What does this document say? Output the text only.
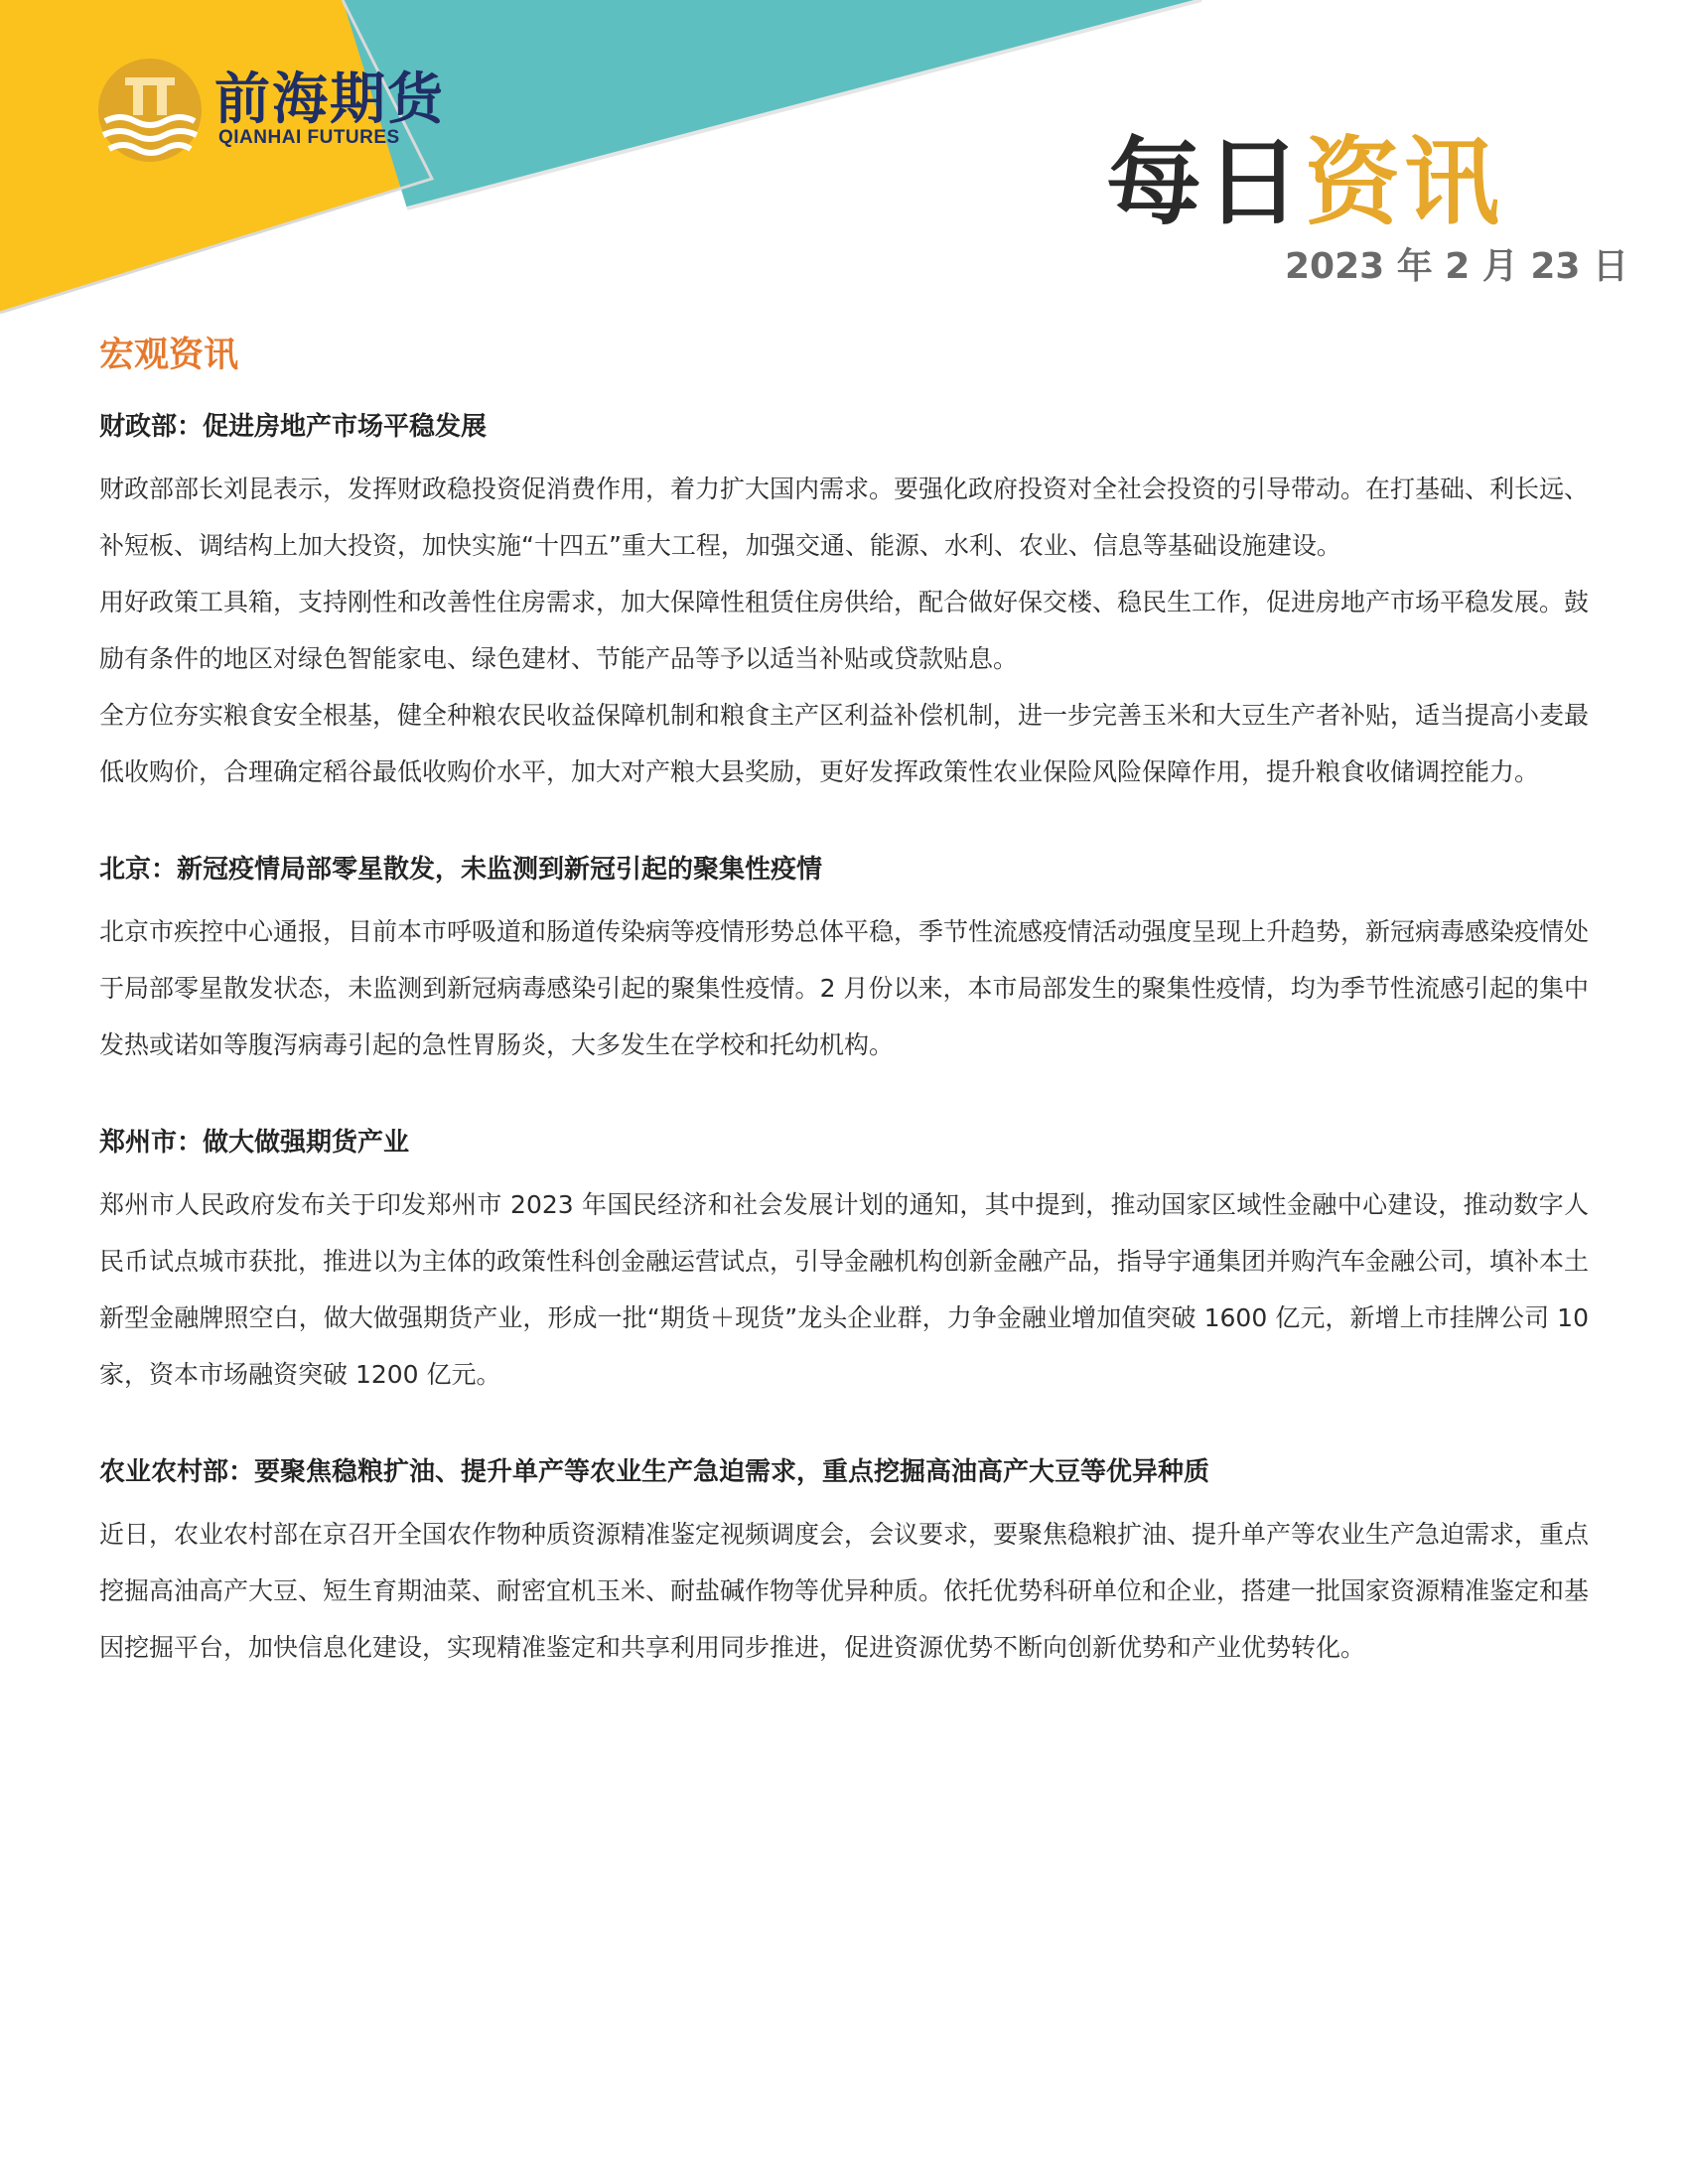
前海期货
QIANHAI FUTURES	每日资讯
2023 年 2 月 23 日
宏观资讯
财政部：促进房地产市场平稳发展

财政部部长刘昆表示，发挥财政稳投资促消费作用，着力扩大国内需求。要强化政府投资对全社会投资的引导带动。在打基础、利长远、补短板、调结构上加大投资，加快实施“十四五”重大工程，加强交通、能源、水利、农业、信息等基础设施建设。

用好政策工具箱，支持刚性和改善性住房需求，加大保障性租赁住房供给，配合做好保交楼、稳民生工作，促进房地产市场平稳发展。鼓励有条件的地区对绿色智能家电、绿色建材、节能产品等予以适当补贴或贷款贴息。

全方位夯实粮食安全根基，健全种粮农民收益保障机制和粮食主产区利益补偿机制，进一步完善玉米和大豆生产者补贴，适当提高小麦最低收购价，合理确定稻谷最低收购价水平，加大对产粮大县奖励，更好发挥政策性农业保险风险保障作用，提升粮食收储调控能力。

北京：新冠疫情局部零星散发，未监测到新冠引起的聚集性疫情

北京市疾控中心通报，目前本市呼吸道和肠道传染病等疫情形势总体平稳，季节性流感疫情活动强度呈现上升趋势，新冠病毒感染疫情处于局部零星散发状态，未监测到新冠病毒感染引起的聚集性疫情。2 月份以来，本市局部发生的聚集性疫情，均为季节性流感引起的集中发热或诺如等腹泻病毒引起的急性胃肠炎，大多发生在学校和托幼机构。

郑州市：做大做强期货产业

郑州市人民政府发布关于印发郑州市 2023 年国民经济和社会发展计划的通知，其中提到，推动国家区域性金融中心建设，推动数字人民币试点城市获批，推进以为主体的政策性科创金融运营试点，引导金融机构创新金融产品，指导宇通集团并购汽车金融公司，填补本土新型金融牌照空白，做大做强期货产业，形成一批“期货＋现货”龙头企业群，力争金融业增加值突破 1600 亿元，新增上市挂牌公司 10 家，资本市场融资突破 1200 亿元。

农业农村部：要聚焦稳粮扩油、提升单产等农业生产急迫需求，重点挖掘高油高产大豆等优异种质

近日，农业农村部在京召开全国农作物种质资源精准鉴定视频调度会，会议要求，要聚焦稳粮扩油、提升单产等农业生产急迫需求，重点挖掘高油高产大豆、短生育期油菜、耐密宜机玉米、耐盐碱作物等优异种质。依托优势科研单位和企业，搭建一批国家资源精准鉴定和基因挖掘平台，加快信息化建设，实现精准鉴定和共享利用同步推进，促进资源优势不断向创新优势和产业优势转化。
